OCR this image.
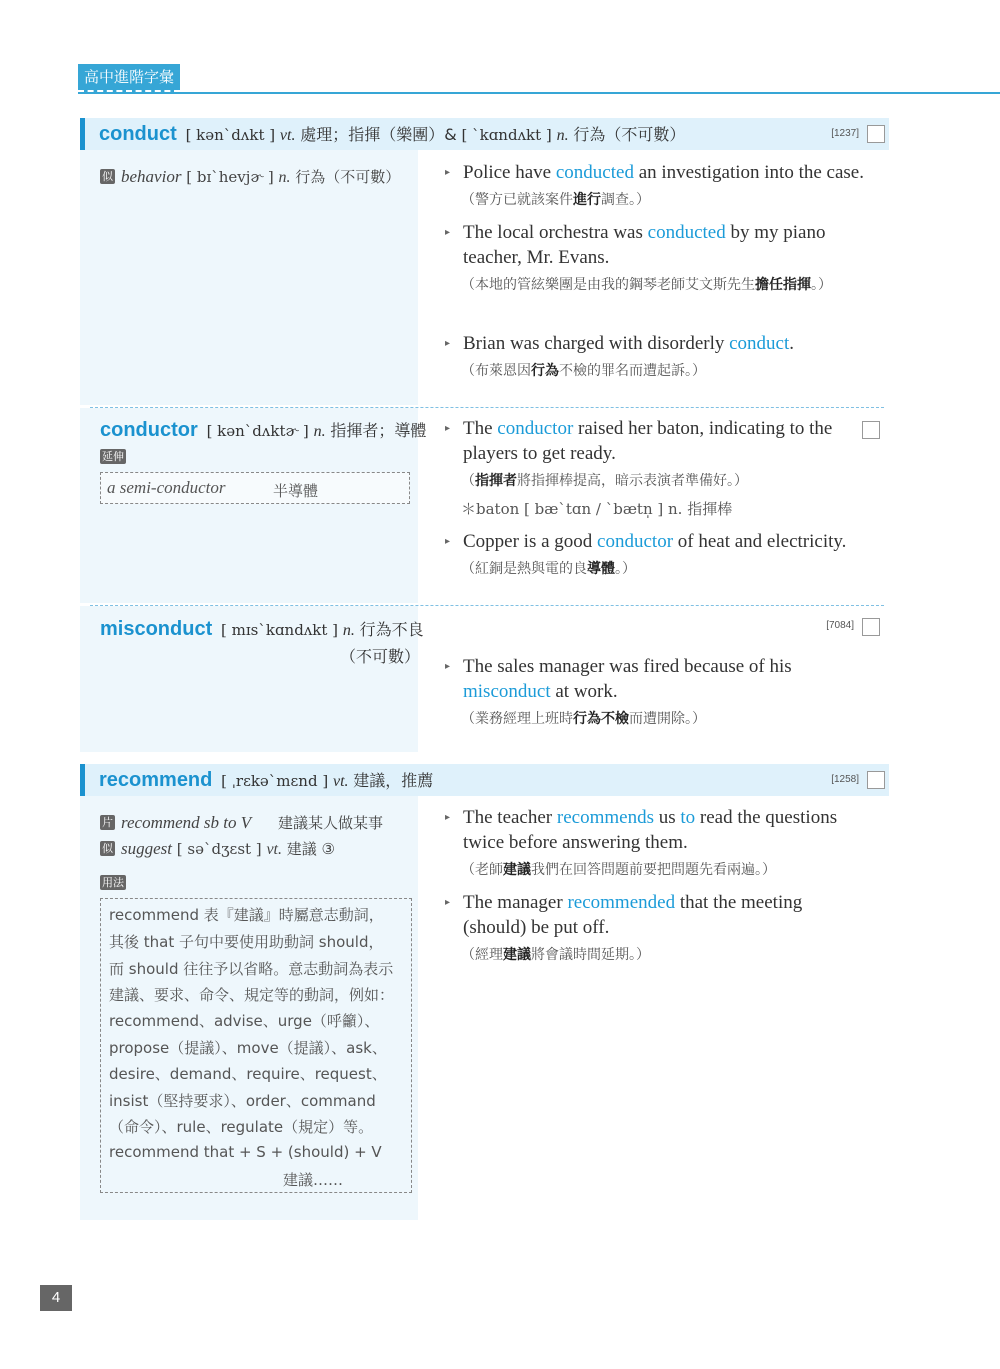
高中進階字彙
conduct [ kən`dʌkt ] vt. 處理；指揮（樂團）& [ `kɑndʌkt ] n. 行為（不可數）	[1237]
似 behavior [ bɪ`hevjɚ ] n. 行為（不可數）
▸	Police have conducted an investigation into the case.
（警方已就該案件進行調查。）
▸ The local orchestra was conducted by my piano teacher, Mr. Evans.
（本地的管絃樂團是由我的鋼琴老師艾文斯先生擔任指揮。）
▸ Brian was charged with disorderly conduct.
（布萊恩因行為不檢的罪名而遭起訴。）
conductor [ kən`dʌktɚ ] n. 指揮者；導體
延伸
a semi-conductor	半導體
▸ The conductor raised her baton, indicating to the players to get ready.
（指揮者將指揮棒提高，暗示表演者準備好。）
＊baton [ bæ`tɑn / `bætn̩ ] n. 指揮棒
▸ Copper is a good conductor of heat and electricity.
（紅銅是熱與電的良導體。）
misconduct [ mɪs`kɑndʌkt ] n. 行為不良
（不可數）
[7084]
▸ The sales manager was fired because of his misconduct at work.
（業務經理上班時行為不檢而遭開除。）
recommend [ ˌrɛkə`mɛnd ] vt. 建議，推薦	[1258]
片 recommend sb to V 建議某人做某事
似 suggest [ sə`dʒɛst ] vt. 建議 ③
用法
recommend 表『建議』時屬意志動詞，
其後 that 子句中要使用助動詞 should，
而 should 往往予以省略。意志動詞為表示
建議、要求、命令、規定等的動詞，例如：
recommend、advise、urge（呼籲）、
propose（提議）、move（提議）、ask、
desire、demand、require、request、
insist（堅持要求）、order、command
（命令）、rule、regulate（規定）等。
recommend that + S + (should) + V
建議……
▸ The teacher recommends us to read the questions twice before answering them.
（老師建議我們在回答問題前要把問題先看兩遍。）
▸ The manager recommended that the meeting (should) be put off.
（經理建議將會議時間延期。）
4
